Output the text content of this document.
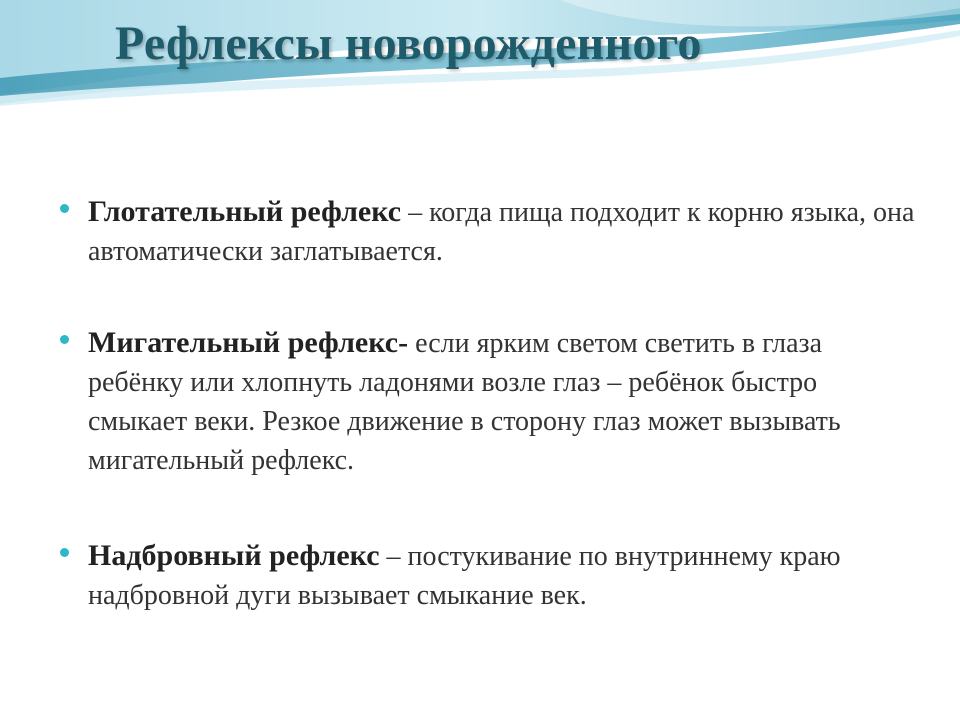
Рефлексы новорожденного

Глотательный рефлекс – когда пища подходит к корню языка, она автоматически заглатывается.

Мигательный рефлекс- если ярким светом светить в глаза ребёнку или хлопнуть ладонями возле глаз – ребёнок быстро смыкает веки. Резкое движение в сторону глаз может вызывать мигательный рефлекс.

Надбровный рефлекс – постукивание по внутриннему краю надбровной дуги вызывает смыкание век.
